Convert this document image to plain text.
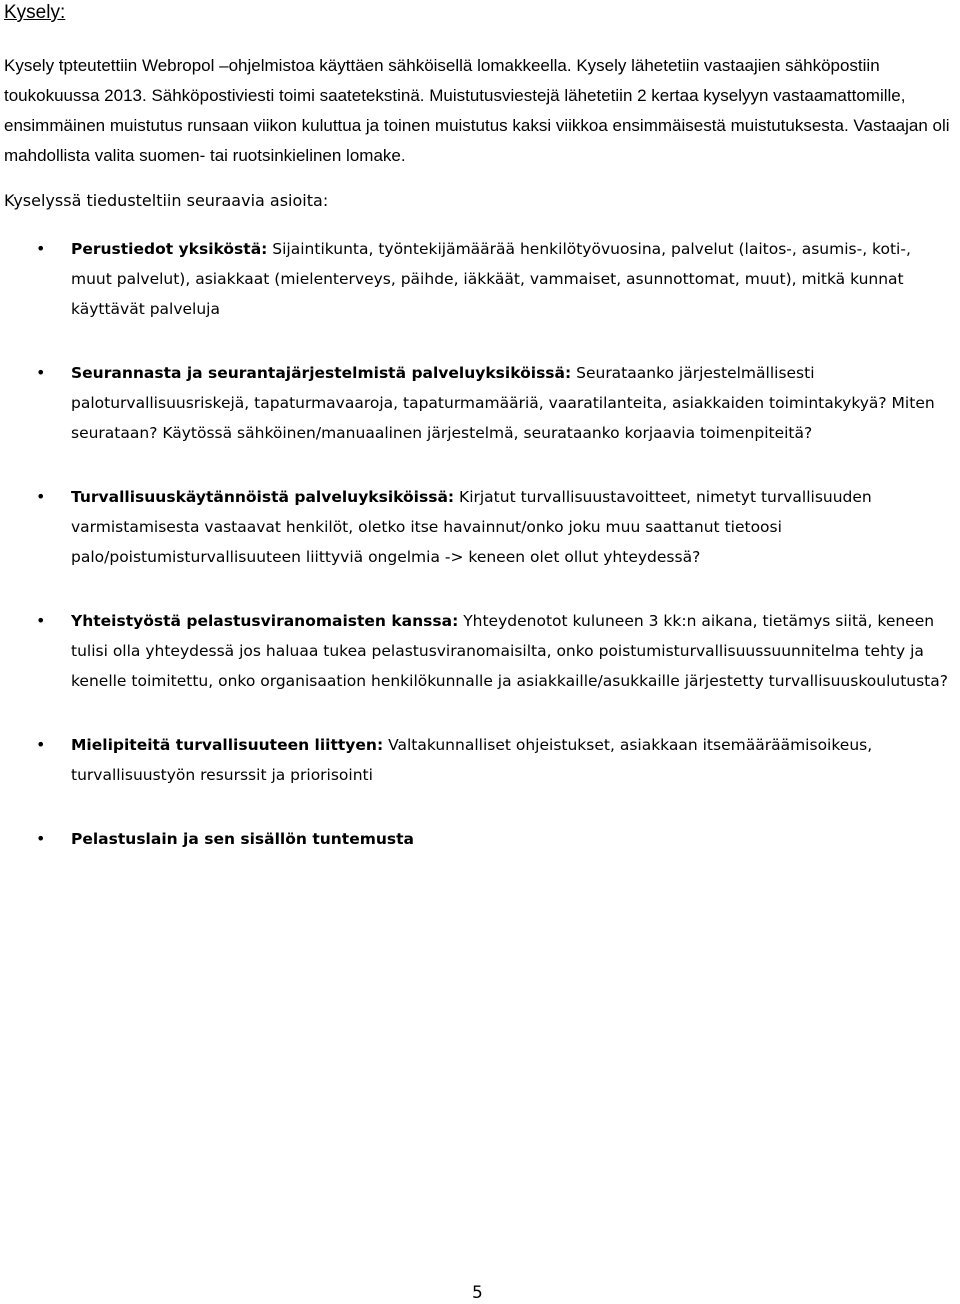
Kysely:

Kysely tpteutettiin Webropol –ohjelmistoa käyttäen sähköisellä lomakkeella. Kysely lähetetiin vastaajien sähköpostiin toukokuussa 2013. Sähköpostiviesti toimi saatetekstinä. Muistutusviestejä lähetetiin 2 kertaa kyselyyn vastaamattomille, ensimmäinen muistutus runsaan viikon kuluttua ja toinen muistutus kaksi viikkoa ensimmäisestä muistutuksesta. Vastaajan oli mahdollista valita suomen- tai ruotsinkielinen lomake.

Kyselyssä tiedusteltiin seuraavia asioita:

• Perustiedot yksiköstä: Sijaintikunta, työntekijämäärää henkilötyövuosina, palvelut (laitos-, asumis-, koti-, muut palvelut), asiakkaat (mielenterveys, päihde, iäkkäät, vammaiset, asunnottomat, muut), mitkä kunnat käyttävät palveluja
• Seurannasta ja seurantajärjestelmistä palveluyksiköissä: Seurataanko järjestelmällisesti paloturvallisuusriskejä, tapaturmavaaroja, tapaturmamääriä, vaaratilanteita, asiakkaiden toimintakykyä? Miten seurataan? Käytössä sähköinen/manuaalinen järjestelmä, seurataanko korjaavia toimenpiteitä?
• Turvallisuuskäytännöistä palveluyksiköissä: Kirjatut turvallisuustavoitteet, nimetyt turvallisuuden varmistamisesta vastaavat henkilöt, oletko itse havainnut/onko joku muu saattanut tietoosi palo/poistumisturvallisuuteen liittyviä ongelmia -> keneen olet ollut yhteydessä?
• Yhteistyöstä pelastusviranomaisten kanssa: Yhteydenotot kuluneen 3 kk:n aikana, tietämys siitä, keneen tulisi olla yhteydessä jos haluaa tukea pelastusviranomaisilta, onko poistumisturvallisuussuunnitelma tehty ja kenelle toimitettu, onko organisaation henkilökunnalle ja asiakkaille/asukkaille järjestetty turvallisuuskoulutusta?
• Mielipiteitä turvallisuuteen liittyen: Valtakunnalliset ohjeistukset, asiakkaan itsemääräämisoikeus, turvallisuustyön resurssit ja priorisointi
• Pelastuslain ja sen sisällön tuntemusta
5
